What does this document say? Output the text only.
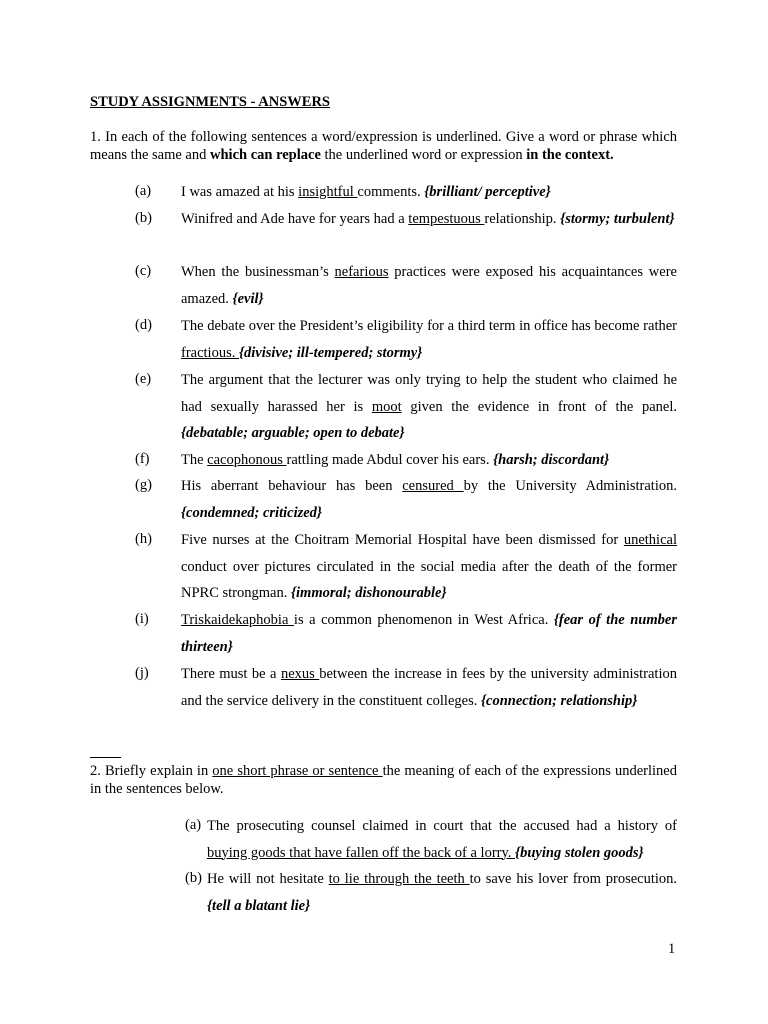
STUDY ASSIGNMENTS - ANSWERS
1. In each of the following sentences a word/expression is underlined. Give a word or phrase which means the same and which can replace the underlined word or expression in the context.
(a)	I was amazed at his insightful comments. {brilliant/ perceptive}
(b)	Winifred and Ade have for years had a tempestuous relationship. {stormy; turbulent}
(c)	When the businessman’s nefarious practices were exposed his acquaintances were amazed. {evil}
(d)	The debate over the President’s eligibility for a third term in office has become rather fractious. {divisive; ill-tempered; stormy}
(e)	The argument that the lecturer was only trying to help the student who claimed he had sexually harassed her is moot given the evidence in front of the panel. {debatable; arguable; open to debate}
(f)	The cacophonous rattling made Abdul cover his ears. {harsh; discordant}
(g)	His aberrant behaviour has been censured by the University Administration. {condemned; criticized}
(h)	Five nurses at the Choitram Memorial Hospital have been dismissed for unethical conduct over pictures circulated in the social media after the death of the former NPRC strongman. {immoral; dishonourable}
(i)	Triskaidekaphobia is a common phenomenon in West Africa. {fear of the number thirteen}
(j)	There must be a nexus between the increase in fees by the university administration and the service delivery in the constituent colleges. {connection; relationship}
2. Briefly explain in one short phrase or sentence the meaning of each of the expressions underlined in the sentences below.
(a) The prosecuting counsel claimed in court that the accused had a history of buying goods that have fallen off the back of a lorry. {buying stolen goods}
(b) He will not hesitate to lie through the teeth to save his lover from prosecution. {tell a blatant lie}
1
